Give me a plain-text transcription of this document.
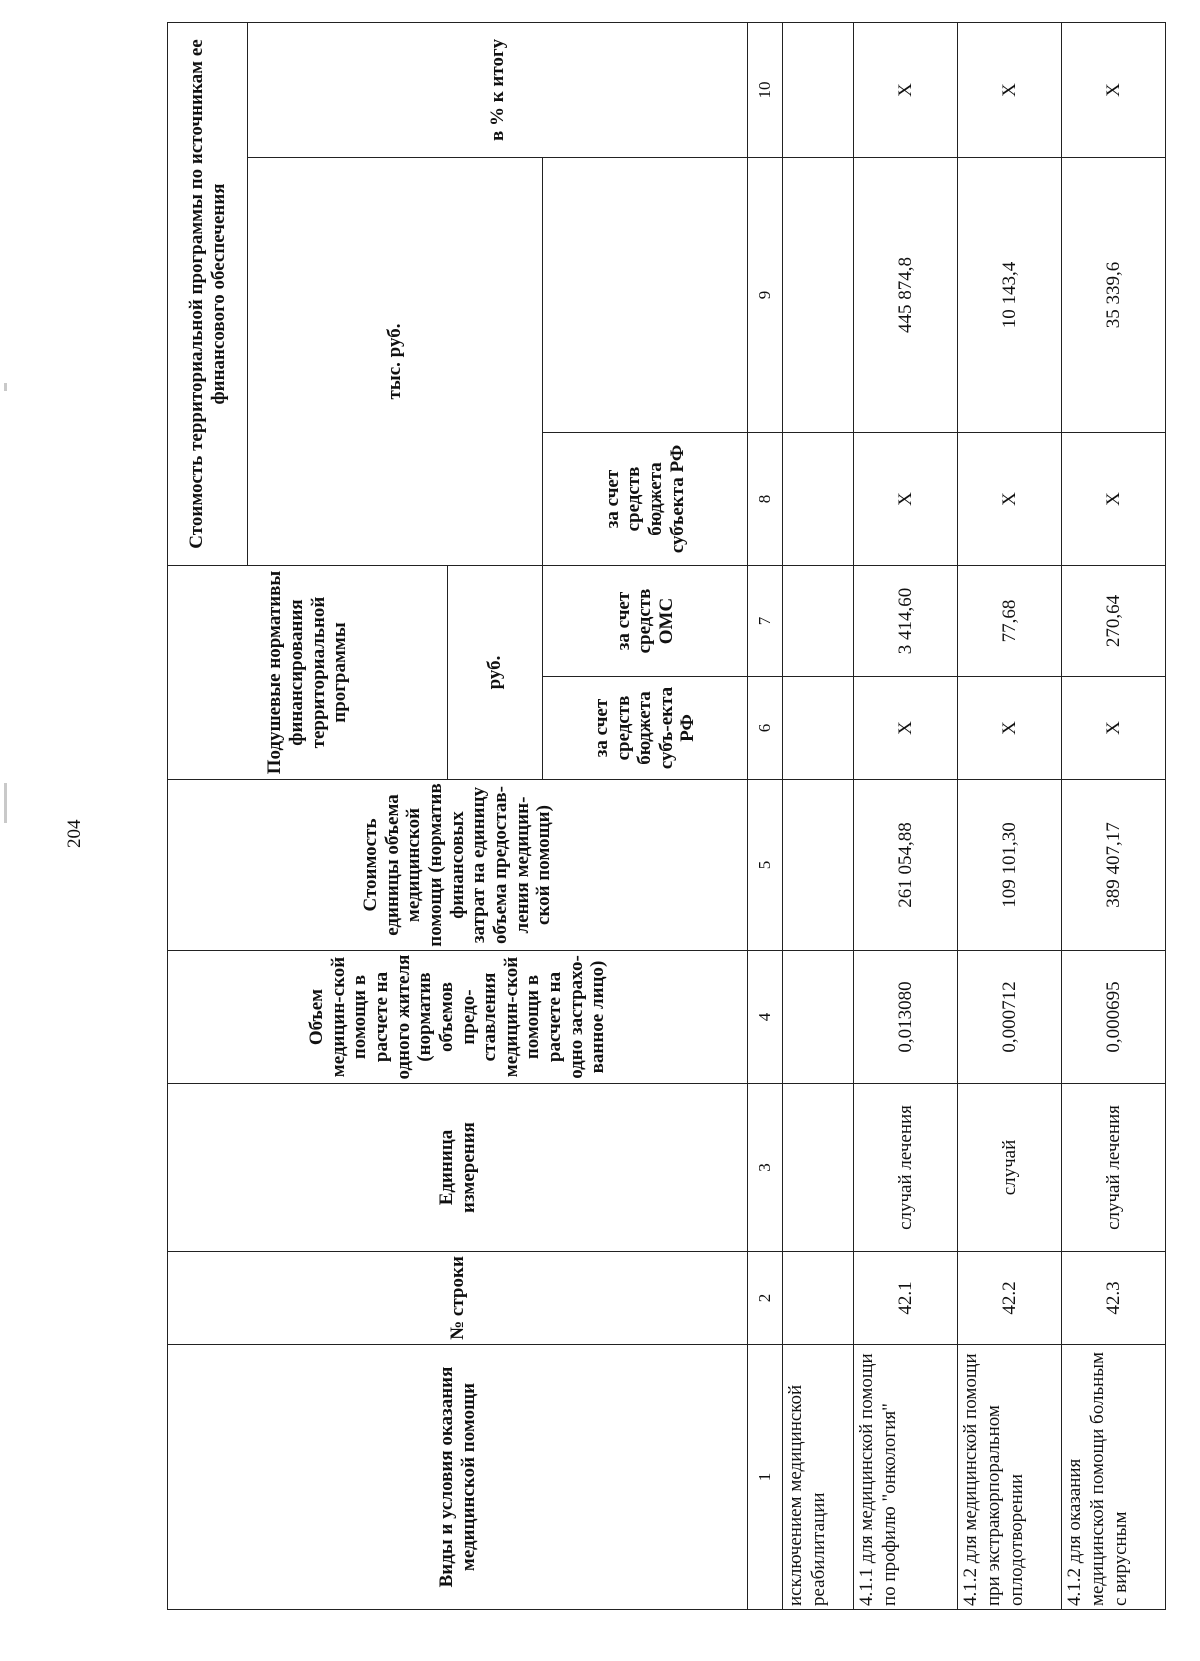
204
Виды и условия оказания медицинской помощи	№ строки	Единица измерения	Объем медицин-ской помощи в расчете на одного жителя (норматив объемов предо-ставления медицин-ской помощи в расчете на одно застрахо-ванное лицо)	Стоимость единицы объема медицинской помощи (норматив финансовых затрат на единицу объема предостав-ления медицин-ской помощи)	Подушевые нормативы финансирования территориальной программы		Стоимость территориальной программы по источникам ее финансового обеспечения		
							тыс. руб.		в % к итогу
					руб.				
					за счет средств бюджета субъ-екта РФ	за счет средств ОМС	за счет средств бюджета субъекта РФ		
1	2	3	4	5	6	7	8	9	10
исключением медицинской реабилитации									
4.1.1 для медицинской помощи по профилю "онкология"	42.1	случай лечения	0,013080	261 054,88	X	3 414,60	X	445 874,8	X
4.1.2 для медицинской помощи при экстракорпоральном оплодотворении	42.2	случай	0,000712	109 101,30	X	77,68	X	10 143,4	X
4.1.2 для оказания медицинской помощи больным с вирусным	42.3	случай лечения	0,000695	389 407,17	X	270,64	X	35 339,6	X
